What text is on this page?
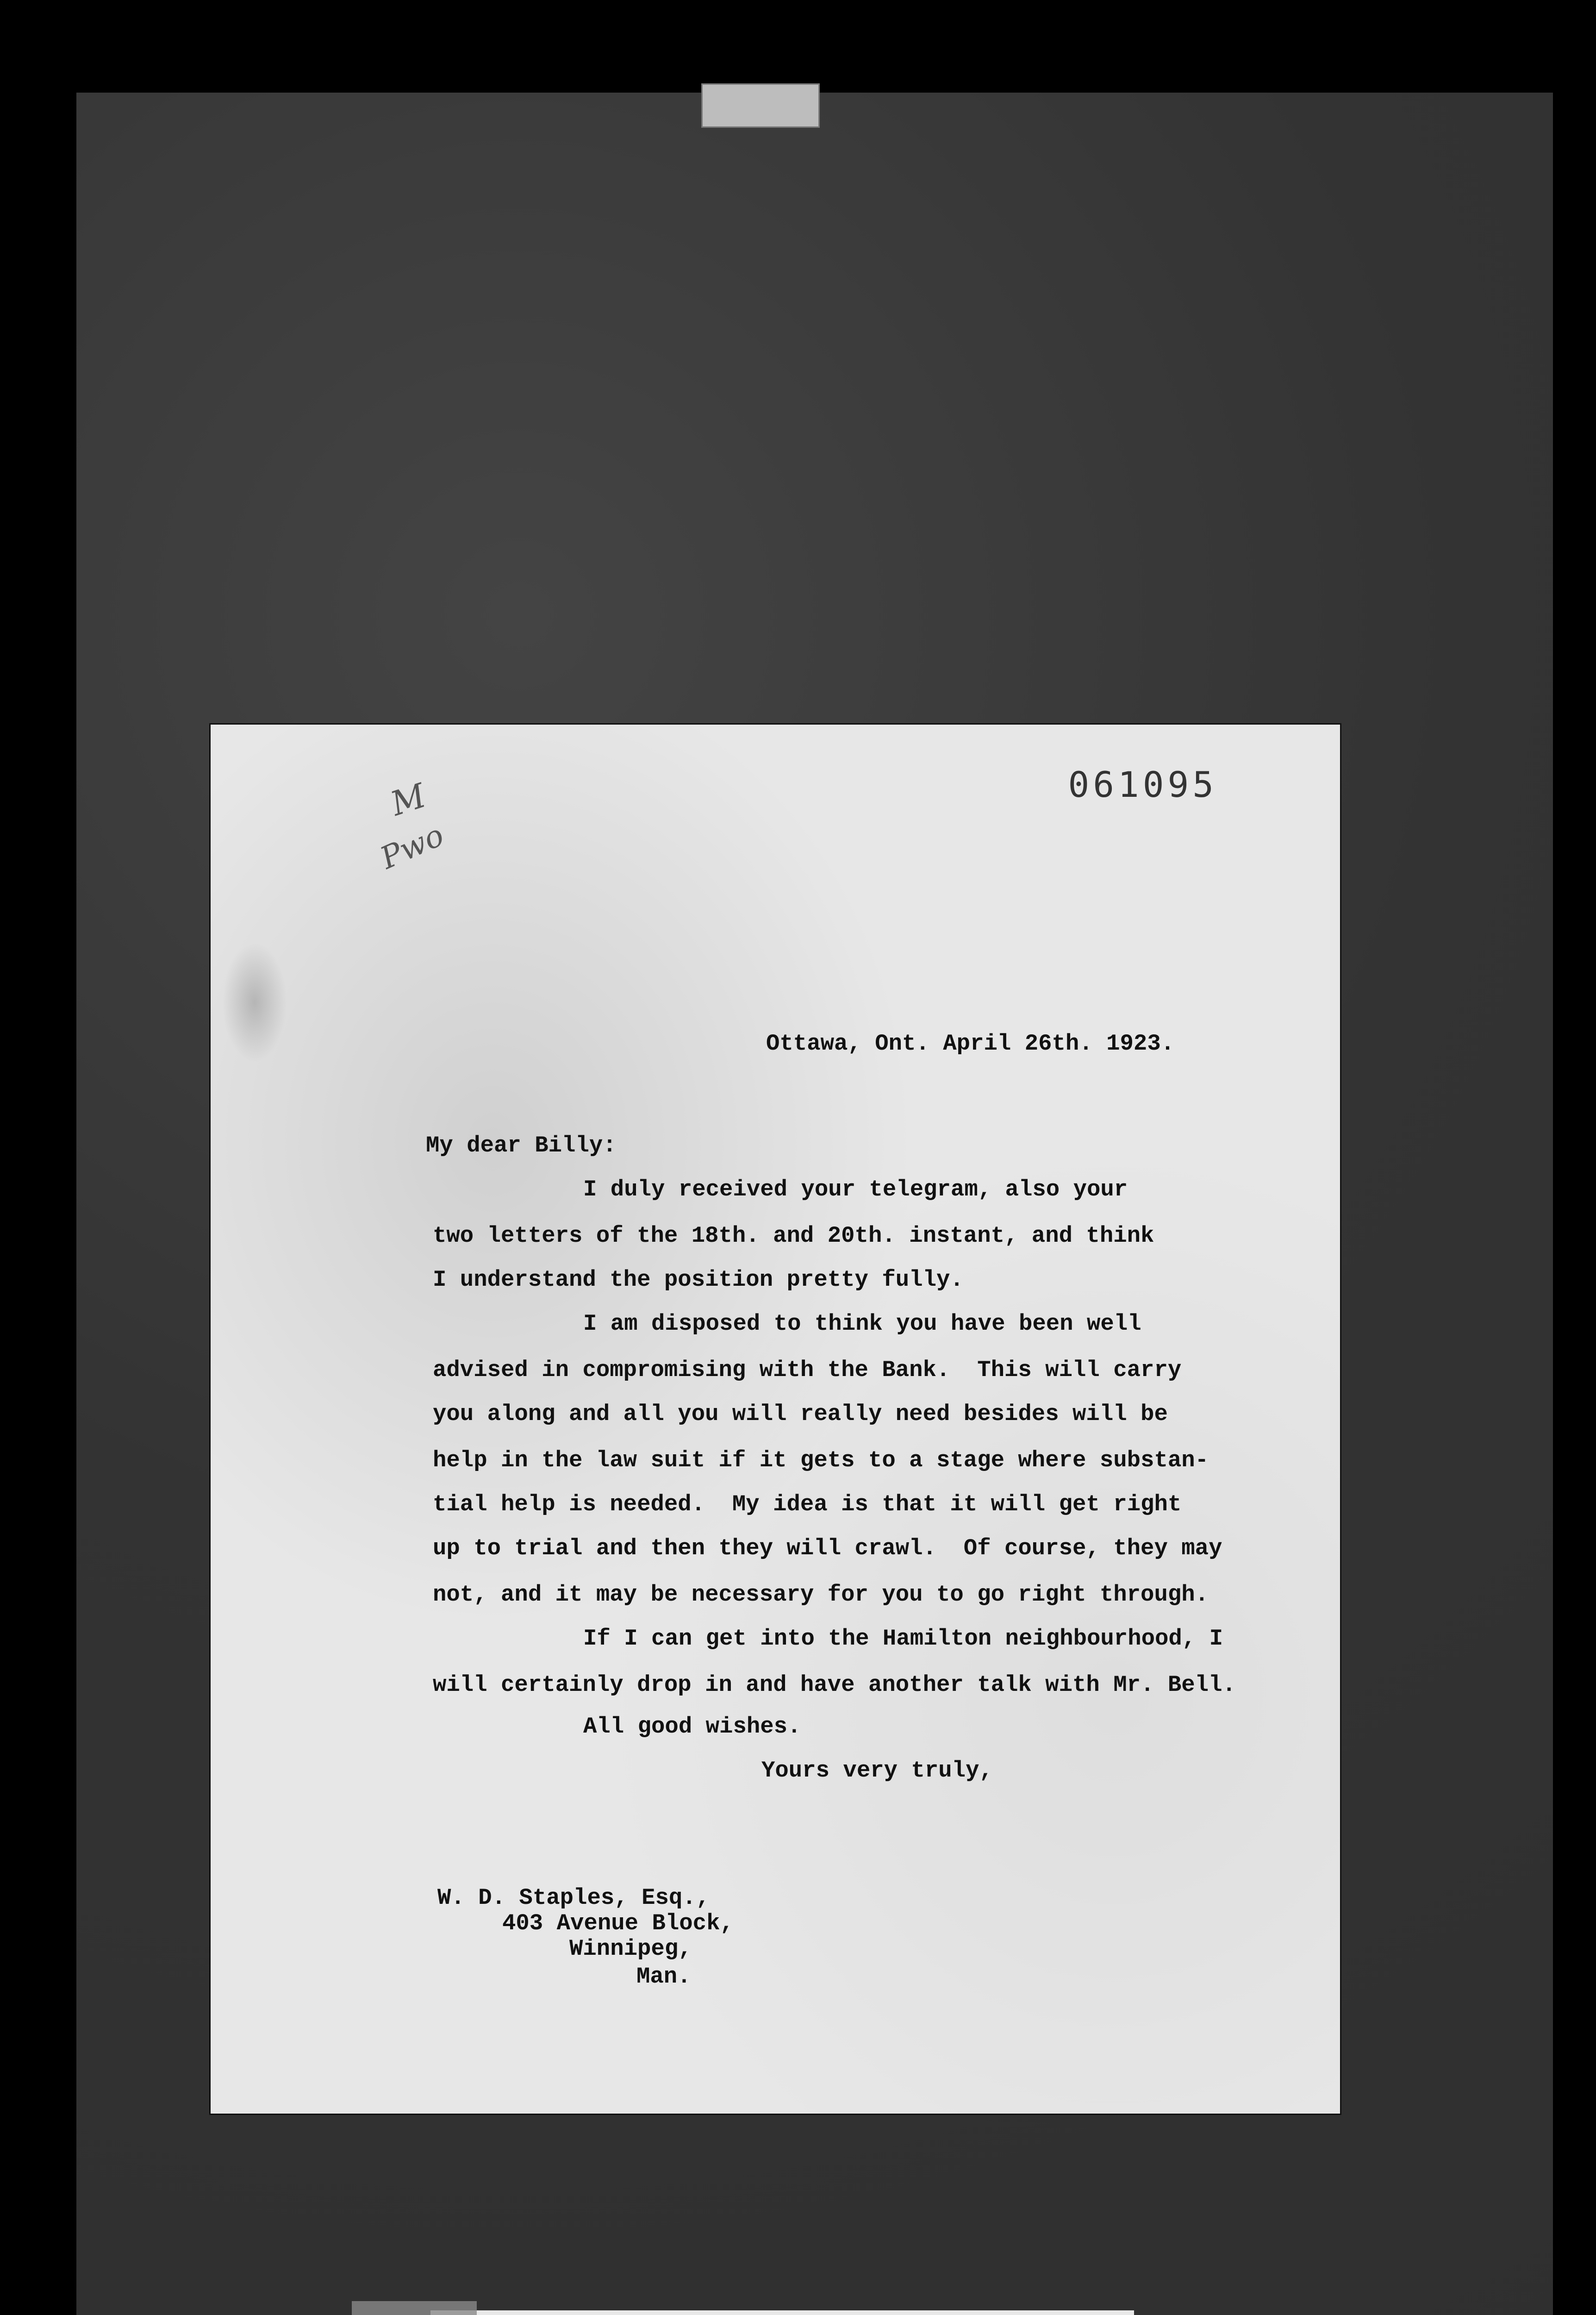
M
Pwo
061095
Ottawa, Ont. April 26th. 1923.
My dear Billy:
I duly received your telegram, also your
two letters of the 18th. and 20th. instant, and think
I understand the position pretty fully.
I am disposed to think you have been well
advised in compromising with the Bank.  This will carry
you along and all you will really need besides will be
help in the law suit if it gets to a stage where substan-
tial help is needed.  My idea is that it will get right
up to trial and then they will crawl.  Of course, they may
not, and it may be necessary for you to go right through.
If I can get into the Hamilton neighbourhood, I
will certainly drop in and have another talk with Mr. Bell.
All good wishes.
Yours very truly,
W. D. Staples, Esq.,
403 Avenue Block,
Winnipeg,
Man.
